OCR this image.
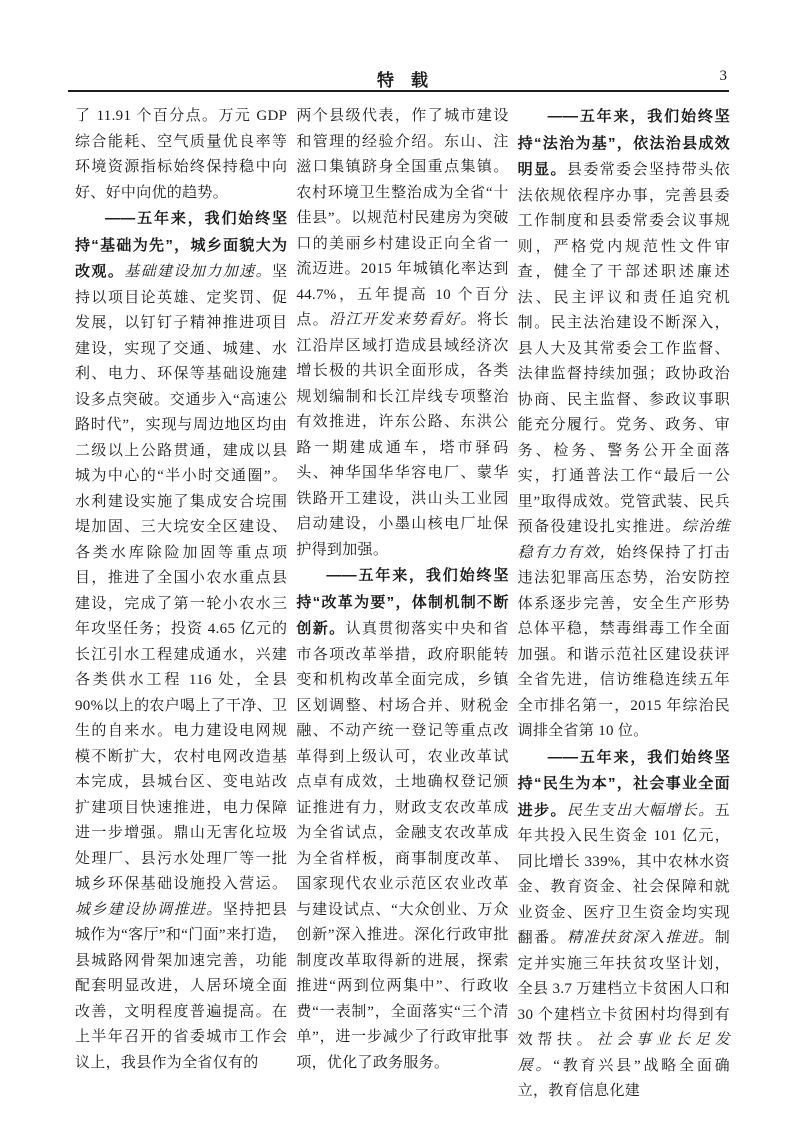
特　载	3

了 11.91 个百分点。万元 GDP 综合能耗、空气质量优良率等环境资源指标始终保持稳中向好、好中向优的趋势。

——五年来，我们始终坚持“基础为先”，城乡面貌大为改观。基础建设加力加速。坚持以项目论英雄、定奖罚、促发展，以钉钉子精神推进项目建设，实现了交通、城建、水利、电力、环保等基础设施建设多点突破。交通步入“高速公路时代”，实现与周边地区均由二级以上公路贯通，建成以县城为中心的“半小时交通圈”。水利建设实施了集成安合垸围堤加固、三大垸安全区建设、各类水库除险加固等重点项目，推进了全国小农水重点县建设，完成了第一轮小农水三年攻坚任务；投资 4.65 亿元的长江引水工程建成通水，兴建各类供水工程 116 处，全县 90%以上的农户喝上了干净、卫生的自来水。电力建设电网规模不断扩大，农村电网改造基本完成，县城台区、变电站改扩建项目快速推进，电力保障进一步增强。鼎山无害化垃圾处理厂、县污水处理厂等一批城乡环保基础设施投入营运。城乡建设协调推进。坚持把县城作为“客厅”和“门面”来打造，县城路网骨架加速完善，功能配套明显改进，人居环境全面改善，文明程度普遍提高。在上半年召开的省委城市工作会议上，我县作为全省仅有的

两个县级代表，作了城市建设和管理的经验介绍。东山、注滋口集镇跻身全国重点集镇。农村环境卫生整治成为全省“十佳县”。以规范村民建房为突破口的美丽乡村建设正向全省一流迈进。2015 年城镇化率达到 44.7%，五年提高 10 个百分点。沿江开发来势看好。将长江沿岸区域打造成县域经济次增长极的共识全面形成，各类规划编制和长江岸线专项整治有效推进，许东公路、东洪公路一期建成通车，塔市驿码头、神华国华华容电厂、蒙华铁路开工建设，洪山头工业园启动建设，小墨山核电厂址保护得到加强。

——五年来，我们始终坚持“改革为要”，体制机制不断创新。认真贯彻落实中央和省市各项改革举措，政府职能转变和机构改革全面完成，乡镇区划调整、村场合并、财税金融、不动产统一登记等重点改革得到上级认可，农业改革试点卓有成效，土地确权登记颁证推进有力，财政支农改革成为全省试点，金融支农改革成为全省样板，商事制度改革、国家现代农业示范区农业改革与建设试点、“大众创业、万众创新”深入推进。深化行政审批制度改革取得新的进展，探索推进“两到位两集中”、行政收费“一表制”，全面落实“三个清单”，进一步减少了行政审批事项，优化了政务服务。

——五年来，我们始终坚持“法治为基”，依法治县成效明显。县委常委会坚持带头依法依规依程序办事，完善县委工作制度和县委常委会议事规则，严格党内规范性文件审查，健全了干部述职述廉述法、民主评议和责任追究机制。民主法治建设不断深入，县人大及其常委会工作监督、法律监督持续加强；政协政治协商、民主监督、参政议事职能充分履行。党务、政务、审务、检务、警务公开全面落实，打通普法工作“最后一公里”取得成效。党管武装、民兵预备役建设扎实推进。综治维稳有力有效，始终保持了打击违法犯罪高压态势，治安防控体系逐步完善，安全生产形势总体平稳，禁毒缉毒工作全面加强。和谐示范社区建设获评全省先进，信访维稳连续五年全市排名第一，2015 年综治民调排全省第 10 位。

——五年来，我们始终坚持“民生为本”，社会事业全面进步。民生支出大幅增长。五年共投入民生资金 101 亿元，同比增长 339%，其中农林水资金、教育资金、社会保障和就业资金、医疗卫生资金均实现翻番。精准扶贫深入推进。制定并实施三年扶贫攻坚计划，全县 3.7 万建档立卡贫困人口和 30 个建档立卡贫困村均得到有效帮扶。社会事业长足发展。“教育兴县”战略全面确立，教育信息化建
